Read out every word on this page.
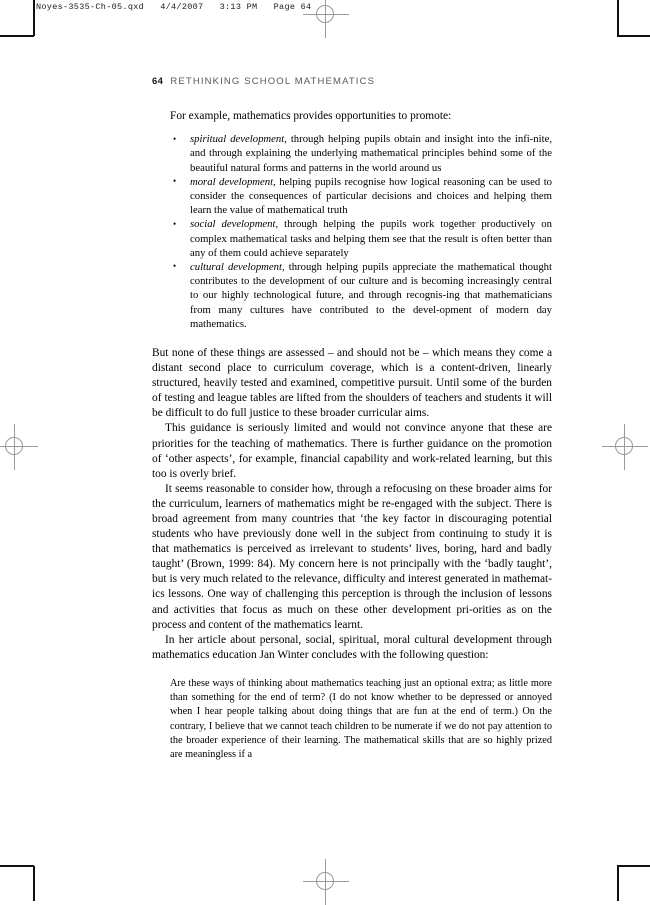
Noyes-3535-Ch-05.qxd   4/4/2007   3:13 PM   Page 64
64 RETHINKING SCHOOL MATHEMATICS

For example, mathematics provides opportunities to promote:

• spiritual development, through helping pupils obtain and insight into the infi-nite, and through explaining the underlying mathematical principles behind some of the beautiful natural forms and patterns in the world around us
• moral development, helping pupils recognise how logical reasoning can be used to consider the consequences of particular decisions and choices and helping them learn the value of mathematical truth
• social development, through helping the pupils work together productively on complex mathematical tasks and helping them see that the result is often better than any of them could achieve separately
• cultural development, through helping pupils appreciate the mathematical thought contributes to the development of our culture and is becoming increasingly central to our highly technological future, and through recognis-ing that mathematicians from many cultures have contributed to the devel-opment of modern day mathematics.

But none of these things are assessed – and should not be – which means they come a distant second place to curriculum coverage, which is a content-driven, linearly structured, heavily tested and examined, competitive pursuit. Until some of the burden of testing and league tables are lifted from the shoulders of teachers and students it will be difficult to do full justice to these broader curricular aims.

This guidance is seriously limited and would not convince anyone that these are priorities for the teaching of mathematics. There is further guidance on the promotion of ‘other aspects’, for example, financial capability and work-related learning, but this too is overly brief.

It seems reasonable to consider how, through a refocusing on these broader aims for the curriculum, learners of mathematics might be re-engaged with the subject. There is broad agreement from many countries that ‘the key factor in discouraging potential students who have previously done well in the subject from continuing to study it is that mathematics is perceived as irrelevant to students’ lives, boring, hard and badly taught’ (Brown, 1999: 84). My concern here is not principally with the ‘badly taught’, but is very much related to the relevance, difficulty and interest generated in mathemat-ics lessons. One way of challenging this perception is through the inclusion of lessons and activities that focus as much on these other development pri-orities as on the process and content of the mathematics learnt.

In her article about personal, social, spiritual, moral cultural development through mathematics education Jan Winter concludes with the following question:

Are these ways of thinking about mathematics teaching just an optional extra; as little more than something for the end of term? (I do not know whether to be depressed or annoyed when I hear people talking about doing things that are fun at the end of term.) On the contrary, I believe that we cannot teach children to be numerate if we do not pay attention to the broader experience of their learning. The mathematical skills that are so highly prized are meaningless if a
